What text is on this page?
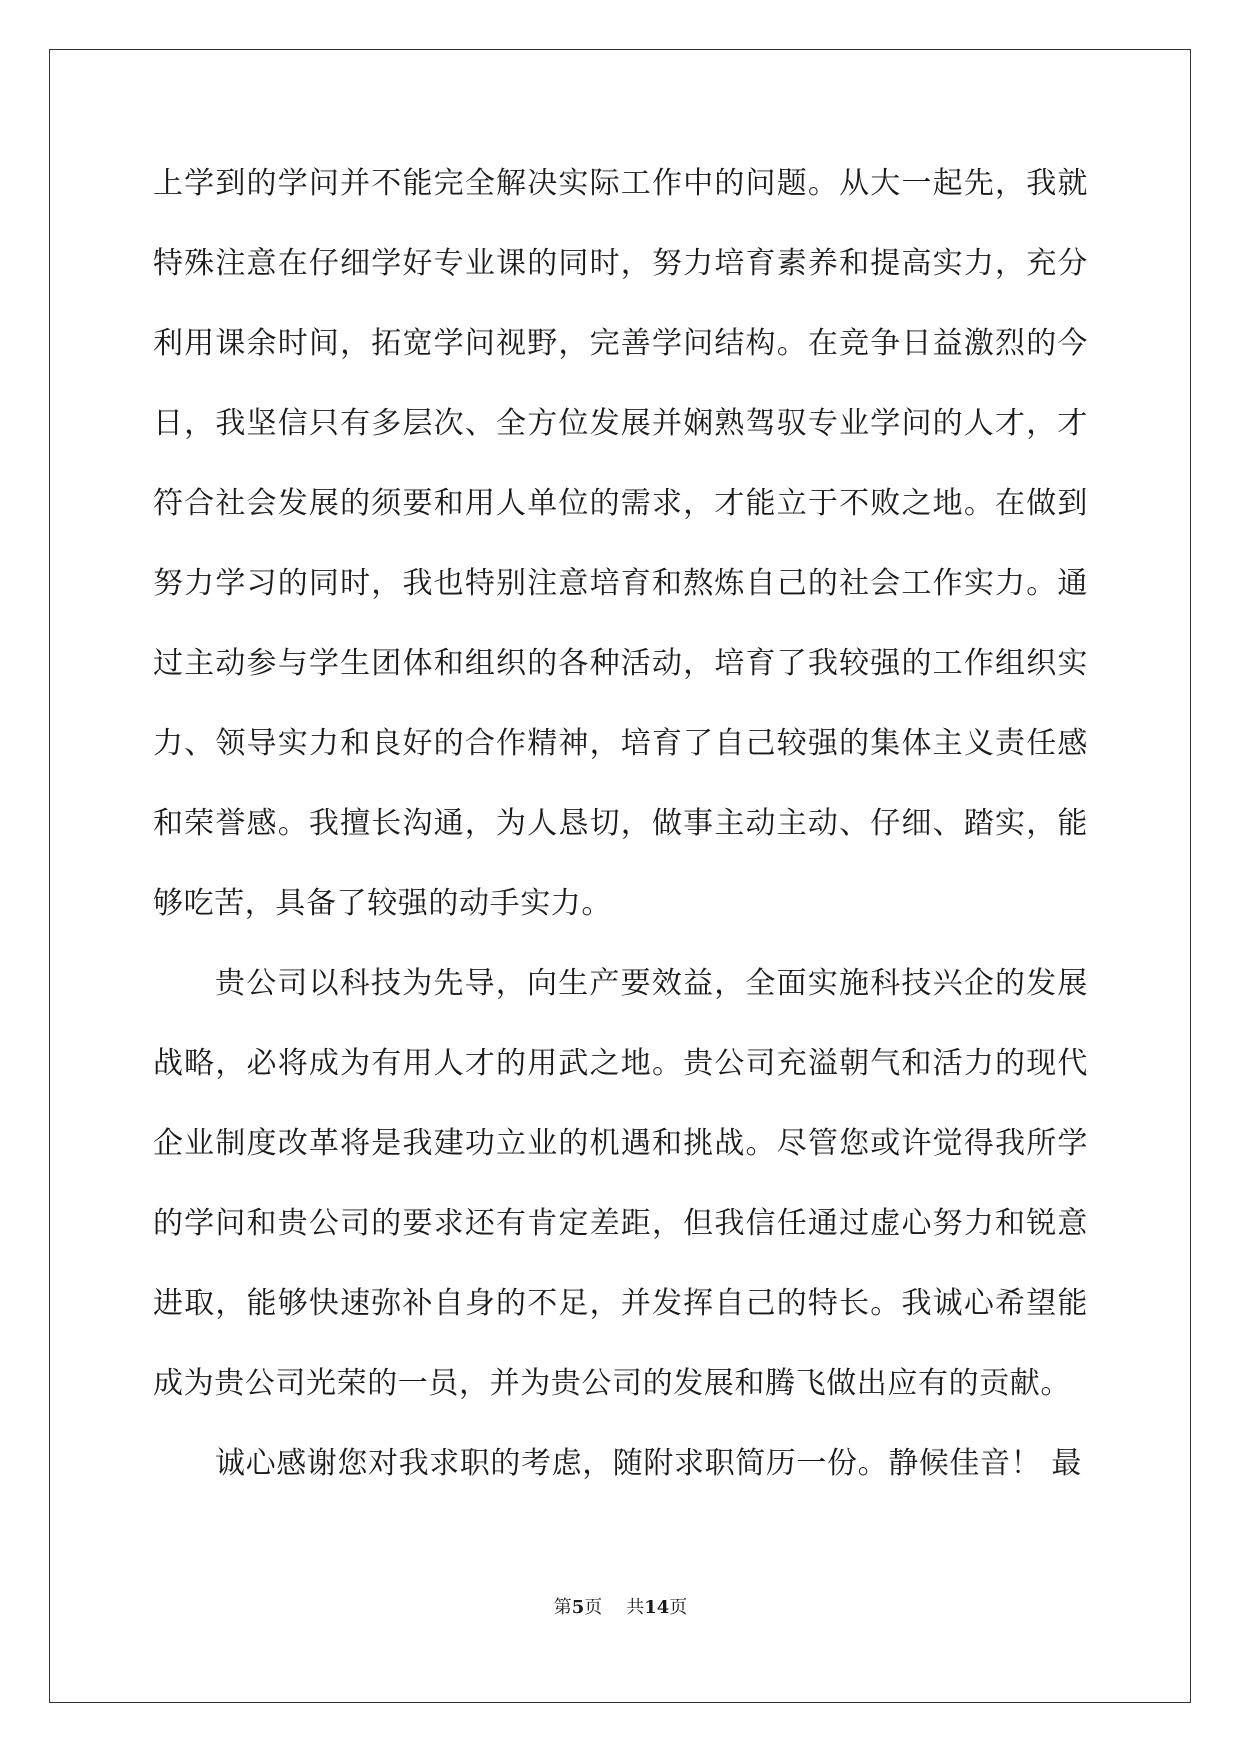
上学到的学问并不能完全解决实际工作中的问题。从大一起先，我就
特殊注意在仔细学好专业课的同时，努力培育素养和提高实力，充分
利用课余时间，拓宽学问视野，完善学问结构。在竞争日益激烈的今
日，我坚信只有多层次、全方位发展并娴熟驾驭专业学问的人才，才
符合社会发展的须要和用人单位的需求，才能立于不败之地。在做到
努力学习的同时，我也特别注意培育和熬炼自己的社会工作实力。通
过主动参与学生团体和组织的各种活动，培育了我较强的工作组织实
力、领导实力和良好的合作精神，培育了自己较强的集体主义责任感
和荣誉感。我擅长沟通，为人恳切，做事主动主动、仔细、踏实，能
够吃苦，具备了较强的动手实力。
贵公司以科技为先导，向生产要效益，全面实施科技兴企的发展
战略，必将成为有用人才的用武之地。贵公司充溢朝气和活力的现代
企业制度改革将是我建功立业的机遇和挑战。尽管您或许觉得我所学
的学问和贵公司的要求还有肯定差距，但我信任通过虚心努力和锐意
进取，能够快速弥补自身的不足，并发挥自己的特长。我诚心希望能
成为贵公司光荣的一员，并为贵公司的发展和腾飞做出应有的贡献。
诚心感谢您对我求职的考虑，随附求职简历一份。静候佳音！ 最
第5页 共14页
